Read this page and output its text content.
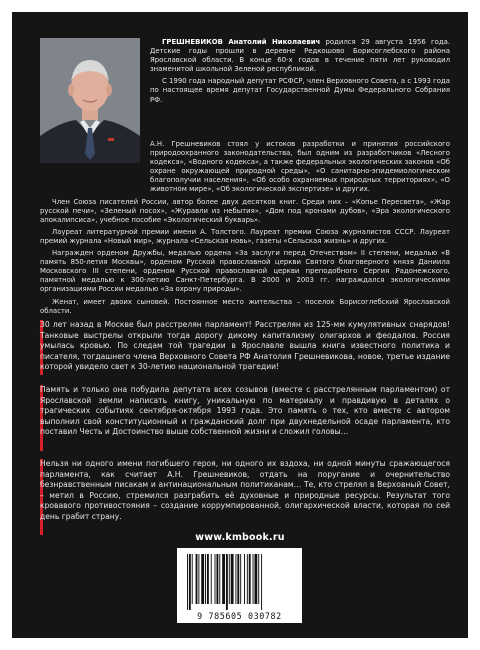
ГРЕШНЕВИКОВ Анатолий Николаевич родился 29 августа 1956 года. Детские годы прошли в деревне Редкошово Борисоглебского района Ярославской области. В конце 60-х годов в течение пяти лет руководил знаменитой школьной Зеленой республикой.

С 1990 года народный депутат РСФСР, член Верховного Совета, а с 1993 года по настоящее время депутат Государственной Думы Федерального Собрания РФ.

А.Н. Грешневиков стоял у истоков разработки и принятия российского природоохранного законодательства, был одним из разработчиков «Лесного кодекса», «Водного кодекса», а также федеральных экологических законов «Об охране окружающей природной среды», «О санитарно-эпидемиологическом благополучии населения», «Об особо охраняемых природных территориях», «О животном мире», «Об экологической экспертизе» и других.

Член Союза писателей России, автор более двух десятков книг. Среди них – «Копье Пересвета», «Жар русской печи», «Зеленый посох», «Журавли из небытия», «Дом под кронами дубов», «Эра экологического апокалипсиса», учебное пособие «Экологический букварь».

Лауреат литературной премии имени А. Толстого. Лауреат премии Союза журналистов СССР. Лауреат премий журнала «Новый мир», журнала «Сельская новь», газеты «Сельская жизнь» и других.

Награжден орденом Дружбы, медалью ордена «За заслуги перед Отечеством» II степени, медалью «В память 850-летия Москвы», орденом Русской православной церкви Святого благоверного князя Даниила Московского III степени, орденом Русской православной церкви преподобного Сергия Радонежского, памятной медалью к 300-летию Санкт-Петербурга. В 2000 и 2003 гг. награждался экологическими организациями России медалью «За охрану природы».

Женат, имеет двоих сыновей. Постоянное место жительства – поселок Борисоглебский Ярославской области.

30 лет назад в Москве был расстрелян парламент! Расстрелян из 125-мм кумулятивных снарядов! Танковые выстрелы открыли тогда дорогу дикому капитализму олигархов и феодалов. Россия умылась кровью. По следам той трагедии в Ярославле вышла книга известного политика и писателя, тогдашнего члена Верховного Совета РФ Анатолия Грешневикова, новое, третье издание которой увидело свет к 30-летию национальной трагедии!
Память и только она побудила депутата всех созывов (вместе с расстрелянным парламентом) от Ярославской земли написать книгу, уникальную по материалу и правдивую в деталях о трагических событиях сентября-октября 1993 года. Это память о тех, кто вместе с автором выполнил свой конституционный и гражданский долг при двухнедельной осаде парламента, кто поставил Честь и Достоинство выше собственной жизни и сложил головы…
Нельзя ни одного имени погибшего героя, ни одного их вздоха, ни одной минуты сражающегося парламента, как считает А.Н. Грешневиков, отдать на поругание и очернительство безнравственным писакам и антинациональным политиканам… Те, кто стрелял в Верховный Совет, – метил в Россию, стремился разграбить её духовные и природные ресурсы. Результат того кровавого противостояния – создание коррумпированной, олигархической власти, которая по сей день грабит страну.
www.kmbook.ru
9 785605 030782
